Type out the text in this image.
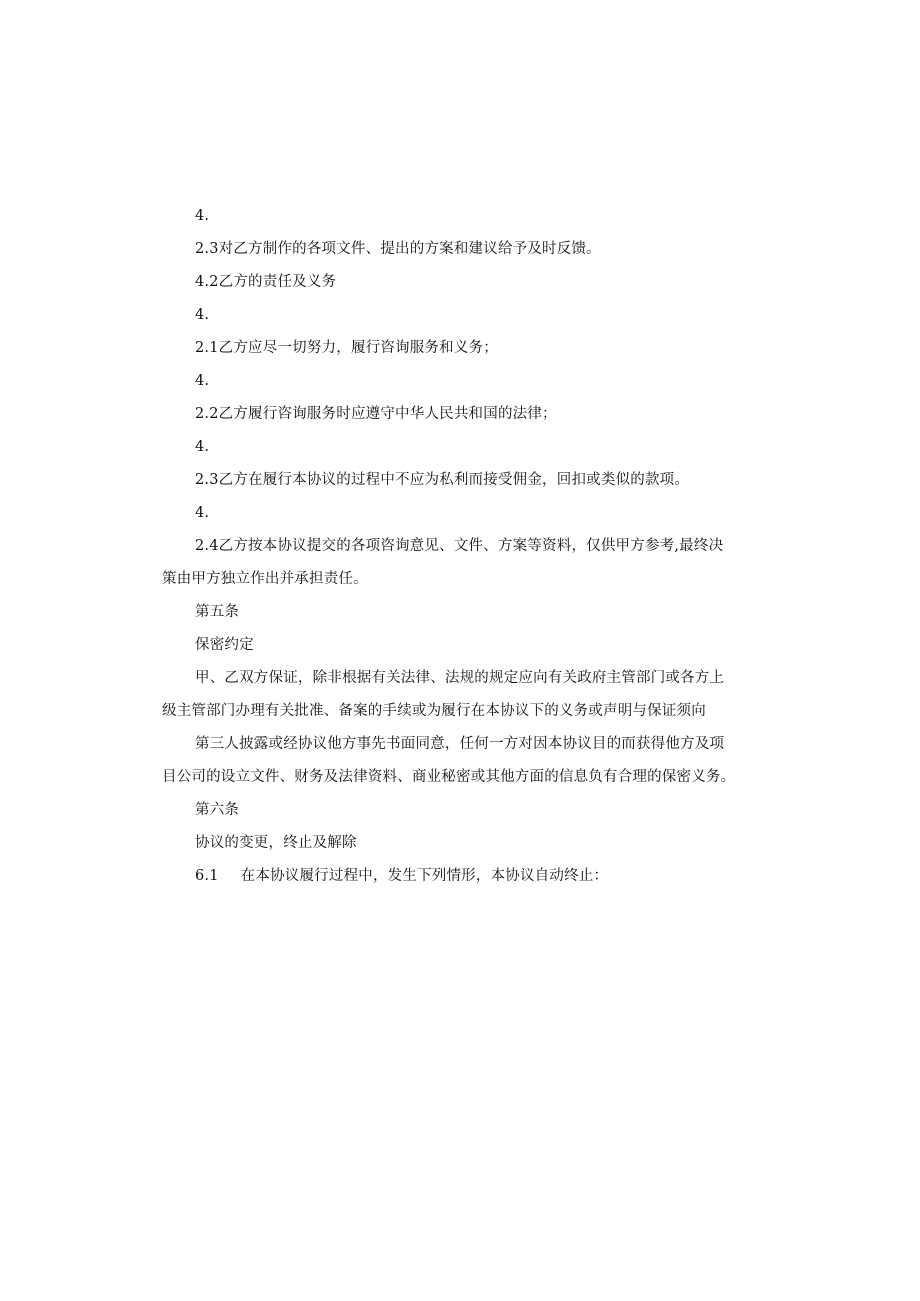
4.
2.3对乙方制作的各项文件、提出的方案和建议给予及时反馈。
4.2乙方的责任及义务
4.
2.1乙方应尽一切努力，履行咨询服务和义务；
4.
2.2乙方履行咨询服务时应遵守中华人民共和国的法律；
4.
2.3乙方在履行本协议的过程中不应为私利而接受佣金，回扣或类似的款项。
4.
2.4乙方按本协议提交的各项咨询意见、文件、方案等资料，仅供甲方参考,最终决
策由甲方独立作出并承担责任。
第五条
保密约定
甲、乙双方保证，除非根据有关法律、法规的规定应向有关政府主管部门或各方上
级主管部门办理有关批准、备案的手续或为履行在本协议下的义务或声明与保证须向
第三人披露或经协议他方事先书面同意，任何一方对因本协议目的而获得他方及项
目公司的设立文件、财务及法律资料、商业秘密或其他方面的信息负有合理的保密义务。
第六条
协议的变更，终止及解除
6.1 在本协议履行过程中，发生下列情形，本协议自动终止：
